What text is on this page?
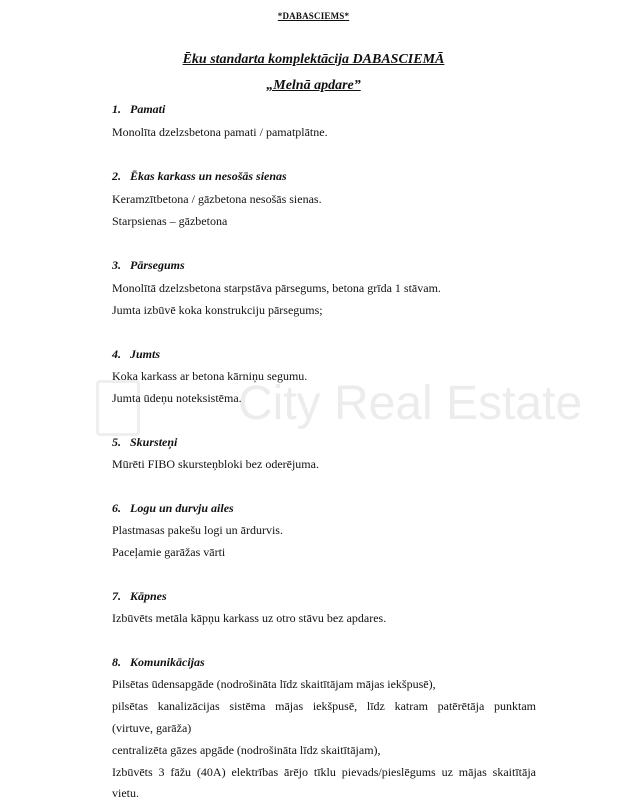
*DABASCIEMS*
Ēku standarta komplektācija DABASCIEMĀ
„Melnā apdare”
City Real Estate
1. Pamati
Monolīta dzelzsbetona pamati / pamatplātne.
2. Ēkas karkass un nesošās sienas
Keramzītbetona / gāzbetona nesošās sienas.
Starpsienas – gāzbetona
3. Pārsegums
Monolītā dzelzsbetona starpstāva pārsegums, betona grīda 1 stāvam.
Jumta izbūvē koka konstrukciju pārsegums;
4. Jumts
Koka karkass ar betona kārniņu segumu.
Jumta ūdeņu noteksistēma.
5. Skursteņi
Mūrēti FIBO skursteņbloki bez oderējuma.
6. Logu un durvju ailes
Plastmasas pakešu logi un ārdurvis.
Paceļamie garāžas vārti
7. Kāpnes
Izbūvēts metāla kāpņu karkass uz otro stāvu bez apdares.
8. Komunikācijas
Pilsētas ūdensapgāde (nodrošināta līdz skaitītājam mājas iekšpusē),
pilsētas kanalizācijas sistēma mājas iekšpusē, līdz katram patērētāja punktam
(virtuve, garāža)
centralizēta gāzes apgāde (nodrošināta līdz skaitītājam),
Izbūvēts 3 fāžu (40A) elektrības ārējo tīklu pievads/pieslēgums uz mājas skaitītāja
vietu.
